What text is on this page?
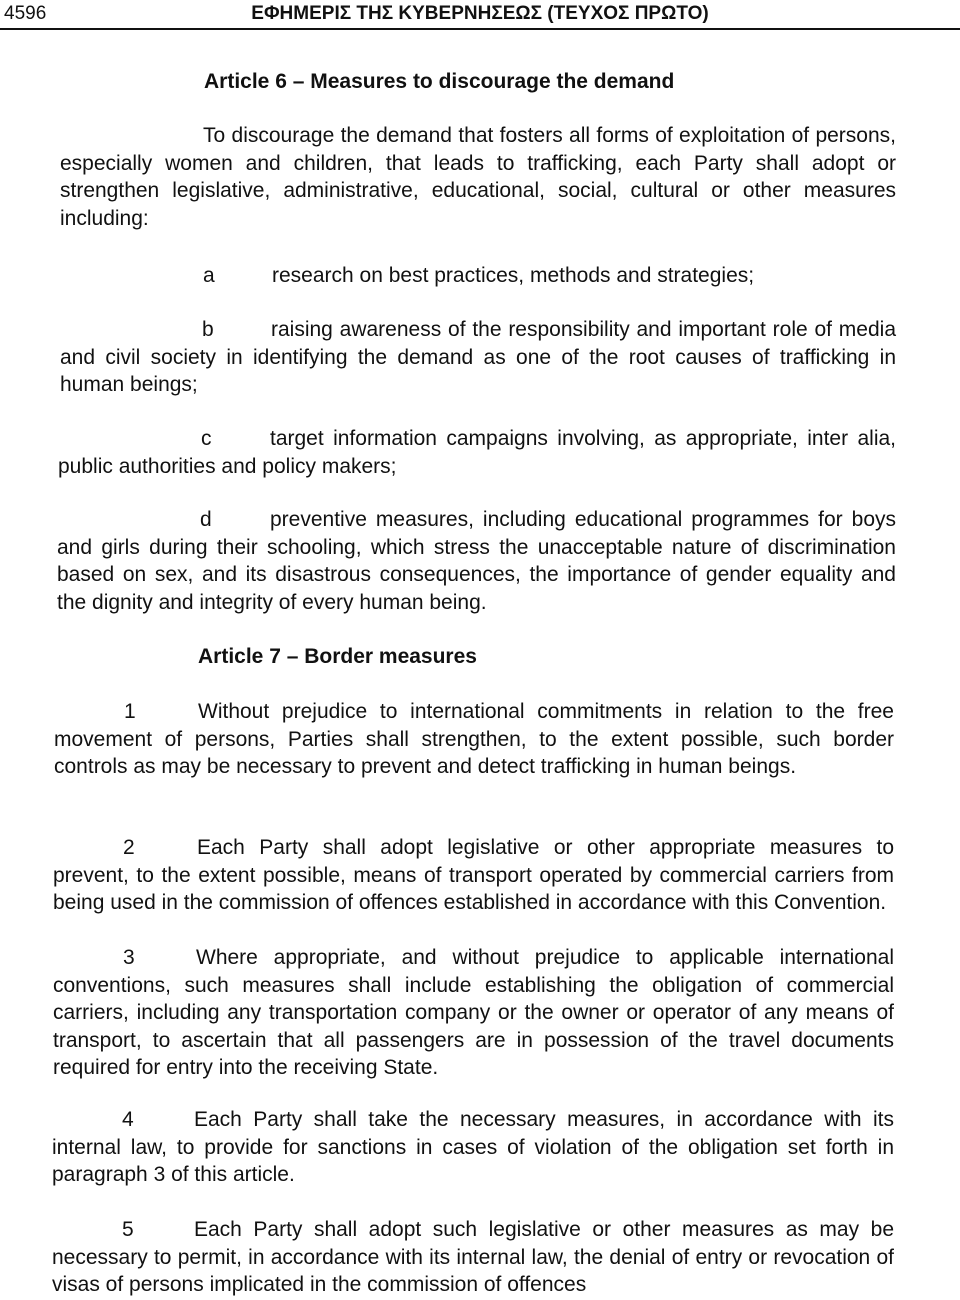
4596	ΕΦΗΜΕΡΙΣ ΤΗΣ ΚΥΒΕΡΝΗΣΕΩΣ (ΤΕΥΧΟΣ ΠΡΩΤΟ)
Article 6 – Measures to discourage the demand

To discourage the demand that fosters all forms of exploitation of persons, especially women and children, that leads to trafficking, each Party shall adopt or strengthen legislative, administrative, educational, social, cultural or other measures including:

a	research on best practices, methods and strategies;

b	raising awareness of the responsibility and important role of media and civil society in identifying the demand as one of the root causes of trafficking in human beings;

c	target information campaigns involving, as appropriate, inter alia, public authorities and policy makers;

d	preventive measures, including educational programmes for boys and girls during their schooling, which stress the unacceptable nature of discrimination based on sex, and its disastrous consequences, the importance of gender equality and the dignity and integrity of every human being.

Article 7 – Border measures

1	Without prejudice to international commitments in relation to the free movement of persons, Parties shall strengthen, to the extent possible, such border controls as may be necessary to prevent and detect trafficking in human beings.

2	Each Party shall adopt legislative or other appropriate measures to prevent, to the extent possible, means of transport operated by commercial carriers from being used in the commission of offences established in accordance with this Convention.

3	Where appropriate, and without prejudice to applicable international conventions, such measures shall include establishing the obligation of commercial carriers, including any transportation company or the owner or operator of any means of transport, to ascertain that all passengers are in possession of the travel documents required for entry into the receiving State.

4	Each Party shall take the necessary measures, in accordance with its internal law, to provide for sanctions in cases of violation of the obligation set forth in paragraph 3 of this article.

5	Each Party shall adopt such legislative or other measures as may be necessary to permit, in accordance with its internal law, the denial of entry or revocation of visas of persons implicated in the commission of offences
